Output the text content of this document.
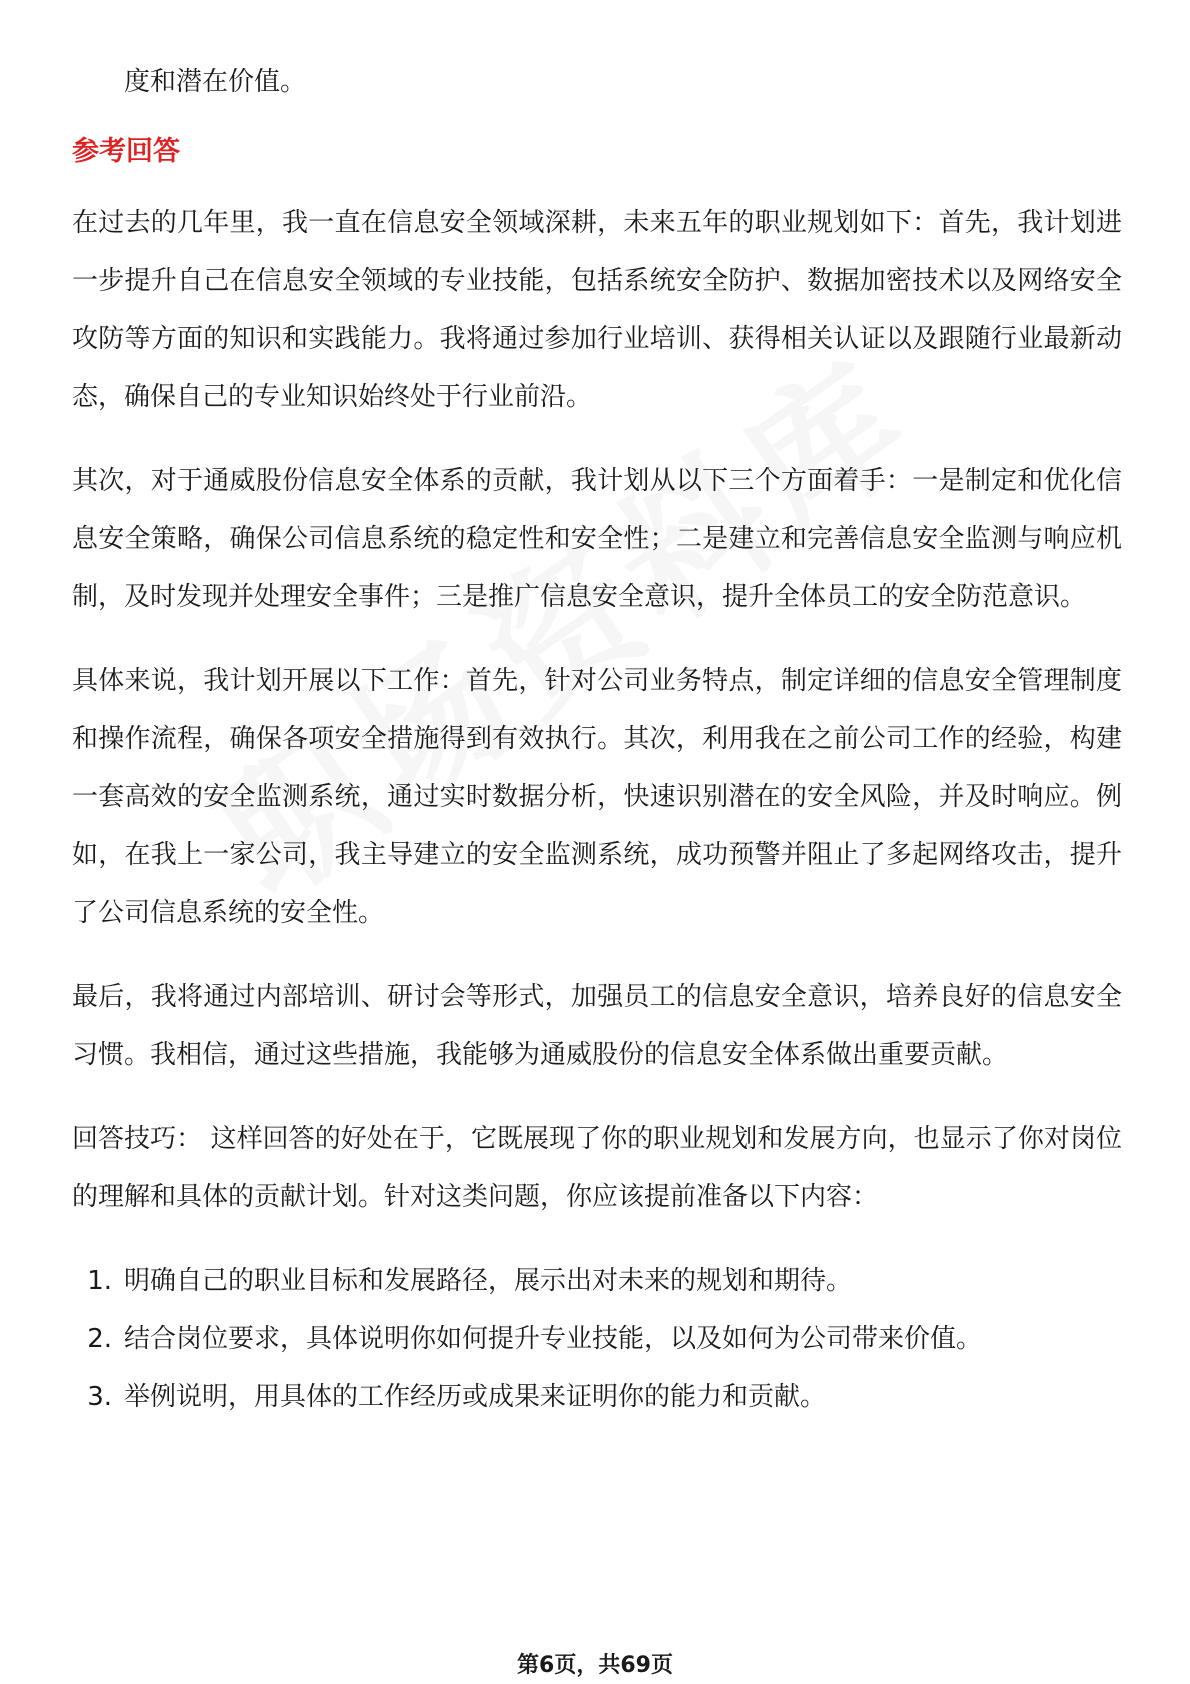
度和潜在价值。

参考回答

在过去的几年里，我一直在信息安全领域深耕，未来五年的职业规划如下：首先，我计划进一步提升自己在信息安全领域的专业技能，包括系统安全防护、数据加密技术以及网络安全攻防等方面的知识和实践能力。我将通过参加行业培训、获得相关认证以及跟随行业最新动态，确保自己的专业知识始终处于行业前沿。

其次，对于通威股份信息安全体系的贡献，我计划从以下三个方面着手：一是制定和优化信息安全策略，确保公司信息系统的稳定性和安全性；二是建立和完善信息安全监测与响应机制，及时发现并处理安全事件；三是推广信息安全意识，提升全体员工的安全防范意识。

具体来说，我计划开展以下工作：首先，针对公司业务特点，制定详细的信息安全管理制度和操作流程，确保各项安全措施得到有效执行。其次，利用我在之前公司工作的经验，构建一套高效的安全监测系统，通过实时数据分析，快速识别潜在的安全风险，并及时响应。例如，在我上一家公司，我主导建立的安全监测系统，成功预警并阻止了多起网络攻击，提升了公司信息系统的安全性。

最后，我将通过内部培训、研讨会等形式，加强员工的信息安全意识，培养良好的信息安全习惯。我相信，通过这些措施，我能够为通威股份的信息安全体系做出重要贡献。

回答技巧： 这样回答的好处在于，它既展现了你的职业规划和发展方向，也显示了你对岗位的理解和具体的贡献计划。针对这类问题，你应该提前准备以下内容：

1. 明确自己的职业目标和发展路径，展示出对未来的规划和期待。
2. 结合岗位要求，具体说明你如何提升专业技能，以及如何为公司带来价值。
3. 举例说明，用具体的工作经历或成果来证明你的能力和贡献。
第6页，共69页
